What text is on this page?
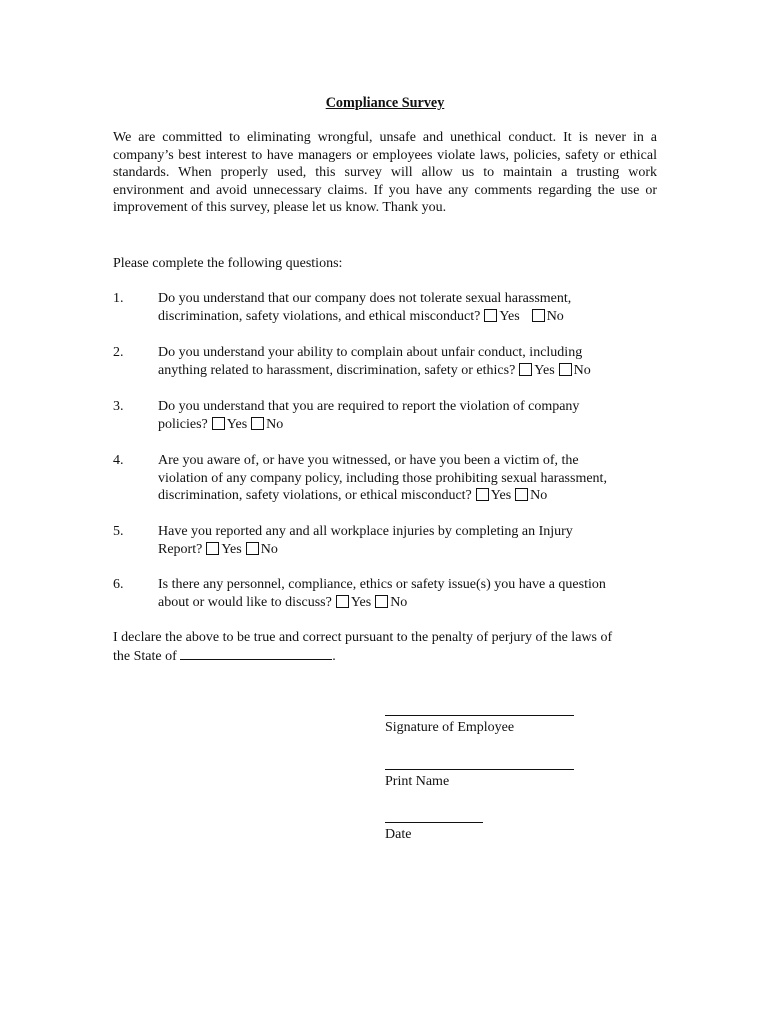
Compliance Survey

We are committed to eliminating wrongful, unsafe and unethical conduct. It is never in a company’s best interest to have managers or employees violate laws, policies, safety or ethical standards. When properly used, this survey will allow us to maintain a trusting work environment and avoid unnecessary claims. If you have any comments regarding the use or improvement of this survey, please let us know. Thank you.

Please complete the following questions:

1. Do you understand that our company does not tolerate sexual harassment,
discrimination, safety violations, and ethical misconduct? Yes No
2. Do you understand your ability to complain about unfair conduct, including
anything related to harassment, discrimination, safety or ethics? Yes No
3. Do you understand that you are required to report the violation of company
policies? Yes No
4. Are you aware of, or have you witnessed, or have you been a victim of, the
violation of any company policy, including those prohibiting sexual harassment,
discrimination, safety violations, or ethical misconduct? Yes No
5. Have you reported any and all workplace injuries by completing an Injury
Report? Yes No
6. Is there any personnel, compliance, ethics or safety issue(s) you have a question
about or would like to discuss? Yes No
I declare the above to be true and correct pursuant to the penalty of perjury of the laws of
the State of	.
Signature of Employee
Print Name
Date
